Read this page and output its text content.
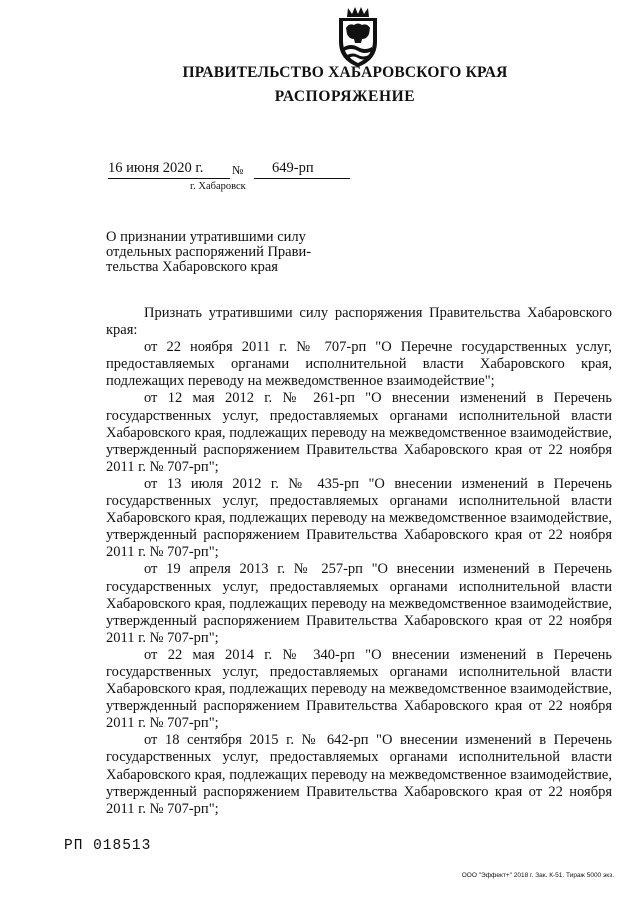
ПРАВИТЕЛЬСТВО ХАБАРОВСКОГО КРАЯ
РАСПОРЯЖЕНИЕ
16 июня 2020 г.	№	649-рп
г. Хабаровск
О признании утратившими силу
отдельных распоряжений Прави-
тельства Хабаровского края

Признать утратившими силу распоряжения Правительства Хабаровского края:

от 22 ноября 2011 г. № 707-рп "О Перечне государственных услуг, предоставляемых органами исполнительной власти Хабаровского края, подлежащих переводу на межведомственное взаимодействие";

от 12 мая 2012 г. № 261-рп "О внесении изменений в Перечень государственных услуг, предоставляемых органами исполнительной власти Хабаровского края, подлежащих переводу на межведомственное взаимодействие, утвержденный распоряжением Правительства Хабаровского края от 22 ноября 2011 г. № 707-рп";

от 13 июля 2012 г. № 435-рп "О внесении изменений в Перечень государственных услуг, предоставляемых органами исполнительной власти Хабаровского края, подлежащих переводу на межведомственное взаимодействие, утвержденный распоряжением Правительства Хабаровского края от 22 ноября 2011 г. № 707-рп";

от 19 апреля 2013 г. № 257-рп "О внесении изменений в Перечень государственных услуг, предоставляемых органами исполнительной власти Хабаровского края, подлежащих переводу на межведомственное взаимодействие, утвержденный распоряжением Правительства Хабаровского края от 22 ноября 2011 г. № 707-рп";

от 22 мая 2014 г. № 340-рп "О внесении изменений в Перечень государственных услуг, предоставляемых органами исполнительной власти Хабаровского края, подлежащих переводу на межведомственное взаимодействие, утвержденный распоряжением Правительства Хабаровского края от 22 ноября 2011 г. № 707-рп";

от 18 сентября 2015 г. № 642-рп "О внесении изменений в Перечень государственных услуг, предоставляемых органами исполнительной власти Хабаровского края, подлежащих переводу на межведомственное взаимодействие, утвержденный распоряжением Правительства Хабаровского края от 22 ноября 2011 г. № 707-рп";

РП 018513
ООО "Эффект+" 2018 г. Зак. К-51. Тираж 5000 экз.
